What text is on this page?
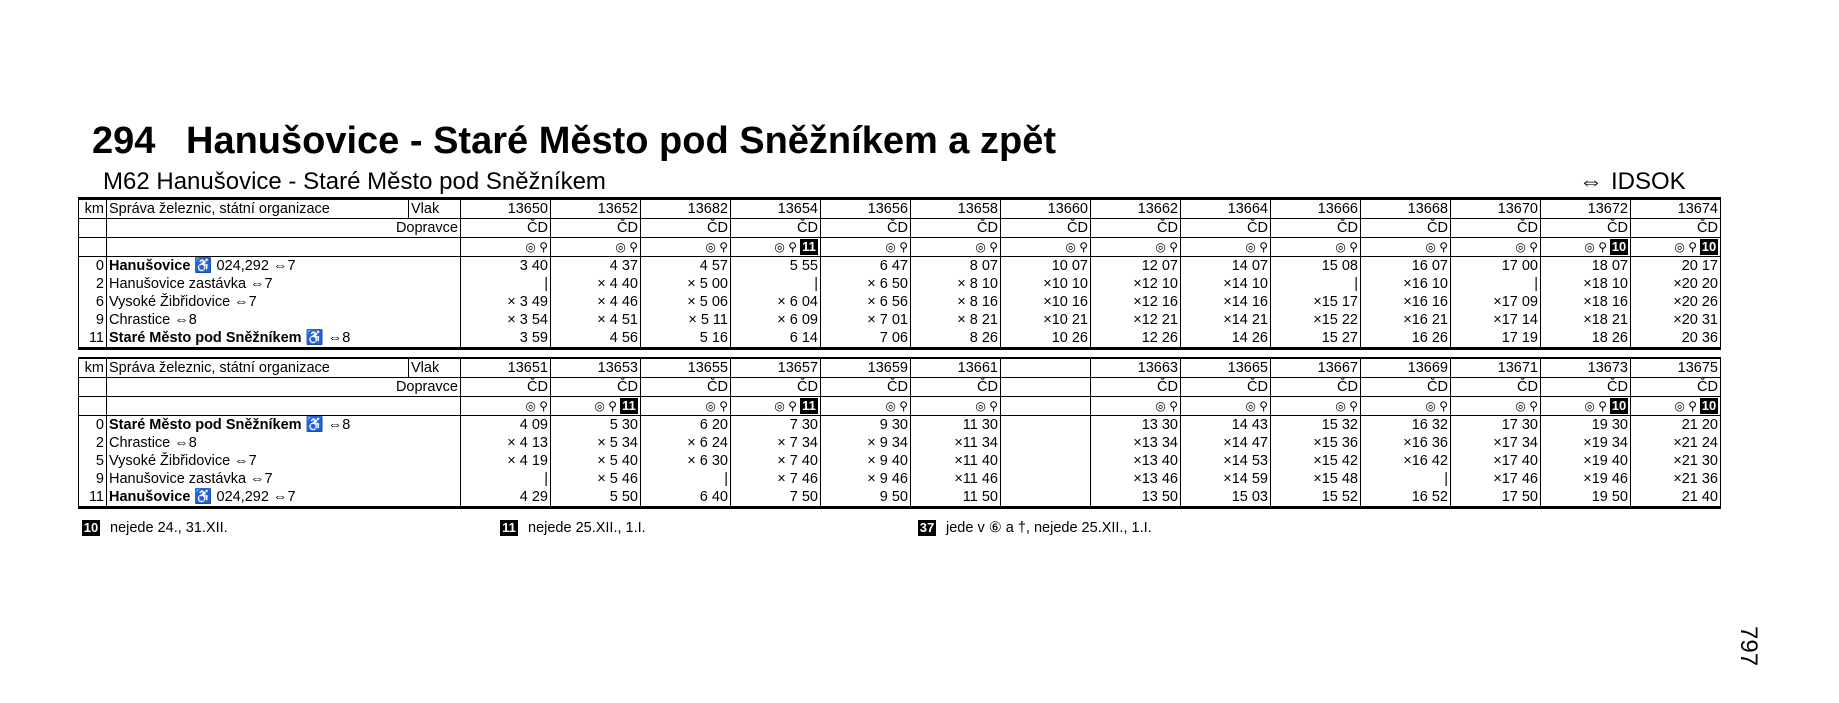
294 Hanušovice - Staré Město pod Sněžníkem a zpět
M62 Hanušovice - Staré Město pod Sněžníkem	⇔ IDSOK
km	Správa železnic, státní organizace	Vlak	13650	13652	13682	13654	13656	13658	13660	13662	13664	13666	13668	13670	13672	13674
	Dopravce		ČD	ČD	ČD	ČD	ČD	ČD	ČD	ČD	ČD	ČD	ČD	ČD	ČD	ČD
			◎ ⚲	◎ ⚲	◎ ⚲	◎ ⚲ 11	◎ ⚲	◎ ⚲	◎ ⚲	◎ ⚲	◎ ⚲	◎ ⚲	◎ ⚲	◎ ⚲	◎ ⚲ 10	◎ ⚲ 10
0	Hanušovice ♿ 024,292 ⇔7		3 40	4 37	4 57	5 55	6 47	8 07	10 07	12 07	14 07	15 08	16 07	17 00	18 07	20 17
2	Hanušovice zastávka ⇔7		|	× 4 40	× 5 00	|	× 6 50	× 8 10	×10 10	×12 10	×14 10	|	×16 10	|	×18 10	×20 20
6	Vysoké Žibřidovice ⇔7		× 3 49	× 4 46	× 5 06	× 6 04	× 6 56	× 8 16	×10 16	×12 16	×14 16	×15 17	×16 16	×17 09	×18 16	×20 26
9	Chrastice ⇔8		× 3 54	× 4 51	× 5 11	× 6 09	× 7 01	× 8 21	×10 21	×12 21	×14 21	×15 22	×16 21	×17 14	×18 21	×20 31
11	Staré Město pod Sněžníkem ♿ ⇔8		3 59	4 56	5 16	6 14	7 06	8 26	10 26	12 26	14 26	15 27	16 26	17 19	18 26	20 36
km	Správa železnic, státní organizace	Vlak	13651	13653	13655	13657	13659	13661		13663	13665	13667	13669	13671	13673	13675
	Dopravce		ČD	ČD	ČD	ČD	ČD	ČD		ČD	ČD	ČD	ČD	ČD	ČD	ČD
			◎ ⚲	◎ ⚲ 11	◎ ⚲	◎ ⚲ 11	◎ ⚲	◎ ⚲		◎ ⚲	◎ ⚲	◎ ⚲	◎ ⚲	◎ ⚲	◎ ⚲ 10	◎ ⚲ 10
0	Staré Město pod Sněžníkem ♿ ⇔8		4 09	5 30	6 20	7 30	9 30	11 30		13 30	14 43	15 32	16 32	17 30	19 30	21 20
2	Chrastice ⇔8		× 4 13	× 5 34	× 6 24	× 7 34	× 9 34	×11 34		×13 34	×14 47	×15 36	×16 36	×17 34	×19 34	×21 24
5	Vysoké Žibřidovice ⇔7		× 4 19	× 5 40	× 6 30	× 7 40	× 9 40	×11 40		×13 40	×14 53	×15 42	×16 42	×17 40	×19 40	×21 30
9	Hanušovice zastávka ⇔7		|	× 5 46	|	× 7 46	× 9 46	×11 46		×13 46	×14 59	×15 48	|	×17 46	×19 46	×21 36
11	Hanušovice ♿ 024,292 ⇔7		4 29	5 50	6 40	7 50	9 50	11 50		13 50	15 03	15 52	16 52	17 50	19 50	21 40
10 nejede 24., 31.XII.	11 nejede 25.XII., 1.I.	37 jede v ⑥ a †, nejede 25.XII., 1.I.
797
